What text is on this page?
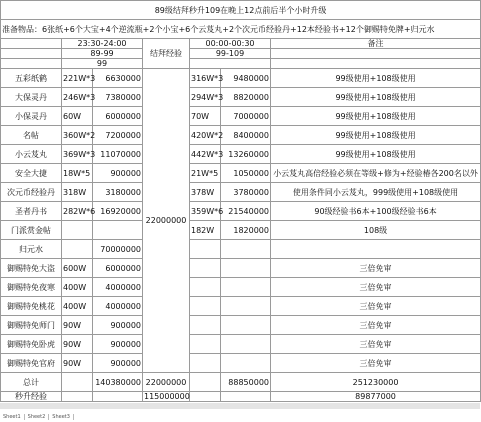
89级结拜秒升109在晚上12点前后半个小时升级						
准备物品：6张纸+6个大宝+4个逆流瓶+2个小宝+6个云芨丸+2个次元币经验丹+12本经验书+12个御赐特免牌+归元水						
	23:30-24:00		结拜经验	00:00-00:30		备注
	89-99			99-109		
	99					
五彩纸鹤	221W*3	6630000	22000000	316W*3	9480000	99级使用+108级使用
大保灵丹	246W*3	7380000		294W*3	8820000	99级使用+108级使用
小保灵丹	60W	6000000		70W	7000000	99级使用+108级使用
名帖	360W*2	7200000		420W*2	8400000	99级使用+108级使用
小云芨丸	369W*3	11070000		442W*3	13260000	99级使用+108级使用
安全大捷	18W*5	900000		21W*5	1050000	小云芨丸高倍经验必须在等级+修为+经验椿各200名以外
次元币经验丹	318W	3180000		378W	3780000	使用条件同小云芨丸，999级使用+108级使用
圣者丹书	282W*6	16920000		359W*6	21540000	90级经验书6本+100级经验书6本
门派赏金帖				182W	1820000	108级
归元水		70000000				
御赐特免大盗	600W	6000000				三倍免审
御赐特免夜寒	400W	4000000				三倍免审
御赐特免桃花	400W	4000000				三倍免审
御赐特免师门	90W	900000				三倍免审
御赐特免卧虎	90W	900000				三倍免审
御赐特免官府	90W	900000				三倍免审
总计		140380000	22000000		88850000	251230000
秒升经验			115000000			89877000
Sheet1 Sheet2 Sheet3
